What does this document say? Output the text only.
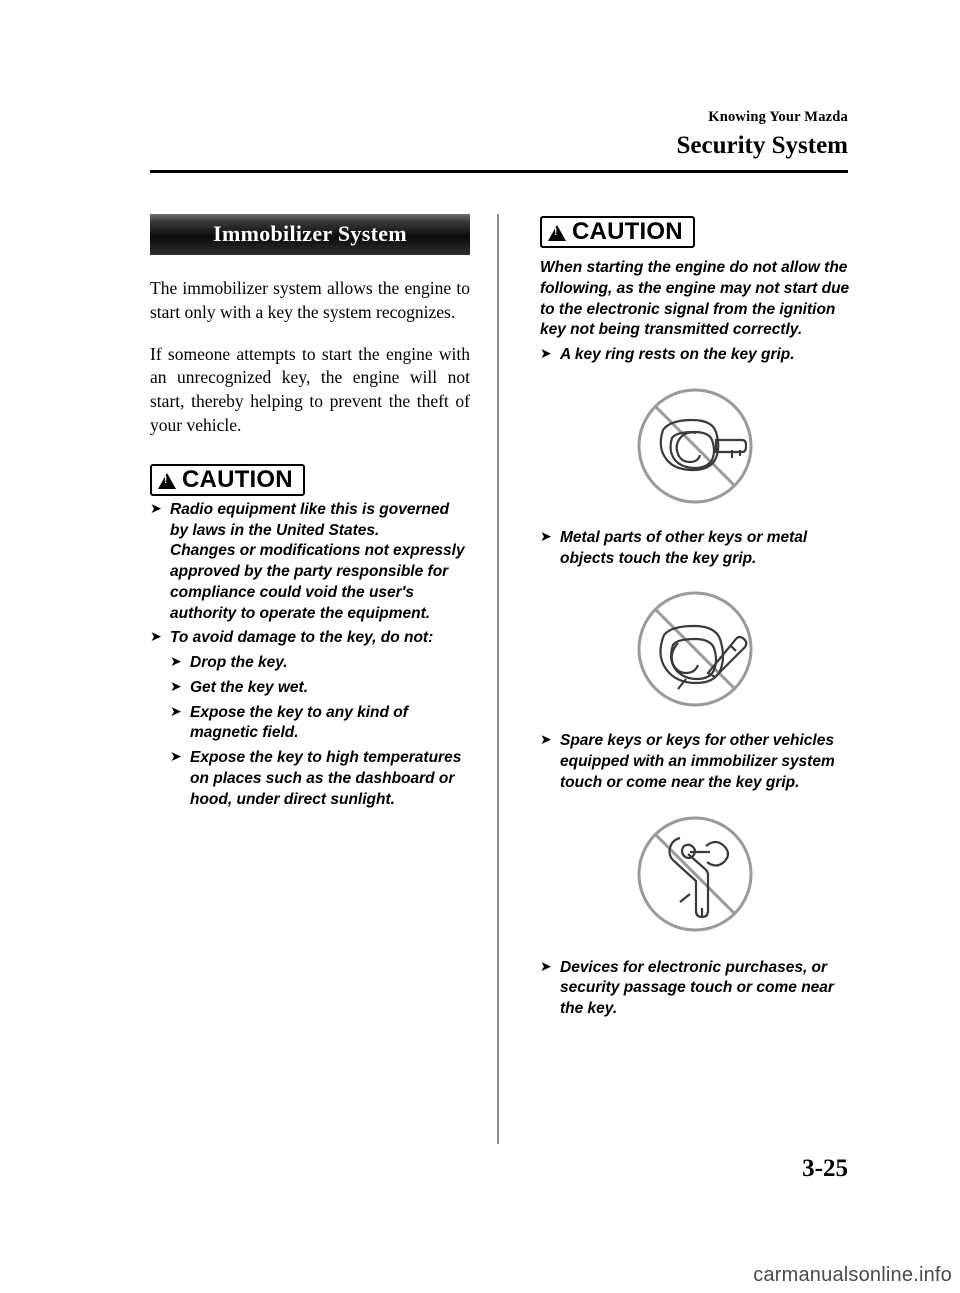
Knowing Your Mazda
Security System
Immobilizer System
The immobilizer system allows the engine to start only with a key the system recognizes.
If someone attempts to start the engine with an unrecognized key, the engine will not start, thereby helping to prevent the theft of your vehicle.
!
CAUTION
➤ Radio equipment like this is governed by laws in the United States.
Changes or modifications not expressly approved by the party responsible for compliance could void the user's authority to operate the equipment.
➤ To avoid damage to the key, do not:
➤ Drop the key.
➤ Get the key wet.
➤ Expose the key to any kind of magnetic field.
➤ Expose the key to high temperatures on places such as the dashboard or hood, under direct sunlight.
!
CAUTION
When starting the engine do not allow the following, as the engine may not start due to the electronic signal from the ignition key not being transmitted correctly.
➤ A key ring rests on the key grip.
➤ Metal parts of other keys or metal objects touch the key grip.
➤ Spare keys or keys for other vehicles equipped with an immobilizer system touch or come near the key grip.
➤ Devices for electronic purchases, or security passage touch or come near the key.
3-25
carmanualsonline.info
